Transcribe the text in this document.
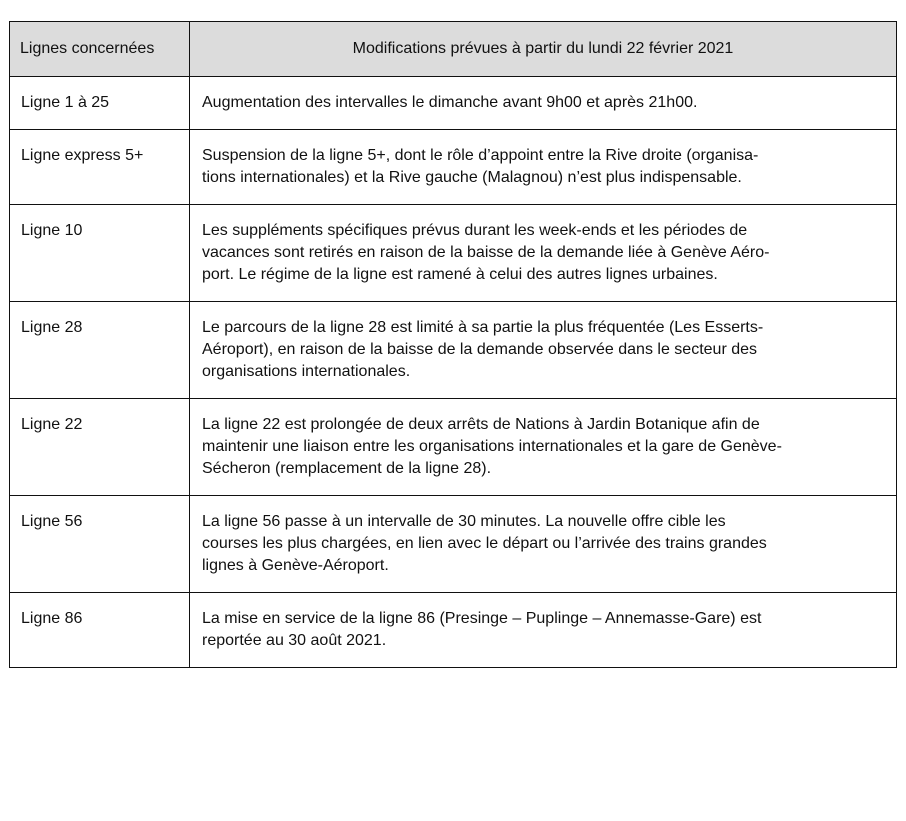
Lignes concernées	Modifications prévues à partir du lundi 22 février 2021
Ligne 1 à 25	Augmentation des intervalles le dimanche avant 9h00 et après 21h00.
Ligne express 5+	Suspension de la ligne 5+, dont le rôle d’appoint entre la Rive droite (organisa-
tions internationales) et la Rive gauche (Malagnou) n’est plus indispensable.
Ligne 10	Les suppléments spécifiques prévus durant les week-ends et les périodes de
vacances sont retirés en raison de la baisse de la demande liée à Genève Aéro-
port. Le régime de la ligne est ramené à celui des autres lignes urbaines.
Ligne 28	Le parcours de la ligne 28 est limité à sa partie la plus fréquentée (Les Esserts-
Aéroport), en raison de la baisse de la demande observée dans le secteur des
organisations internationales.
Ligne 22	La ligne 22 est prolongée de deux arrêts de Nations à Jardin Botanique afin de
maintenir une liaison entre les organisations internationales et la gare de Genève-
Sécheron (remplacement de la ligne 28).
Ligne 56	La ligne 56 passe à un intervalle de 30 minutes. La nouvelle offre cible les
courses les plus chargées, en lien avec le départ ou l’arrivée des trains grandes
lignes à Genève-Aéroport.
Ligne 86	La mise en service de la ligne 86 (Presinge – Puplinge – Annemasse-Gare) est
reportée au 30 août 2021.
